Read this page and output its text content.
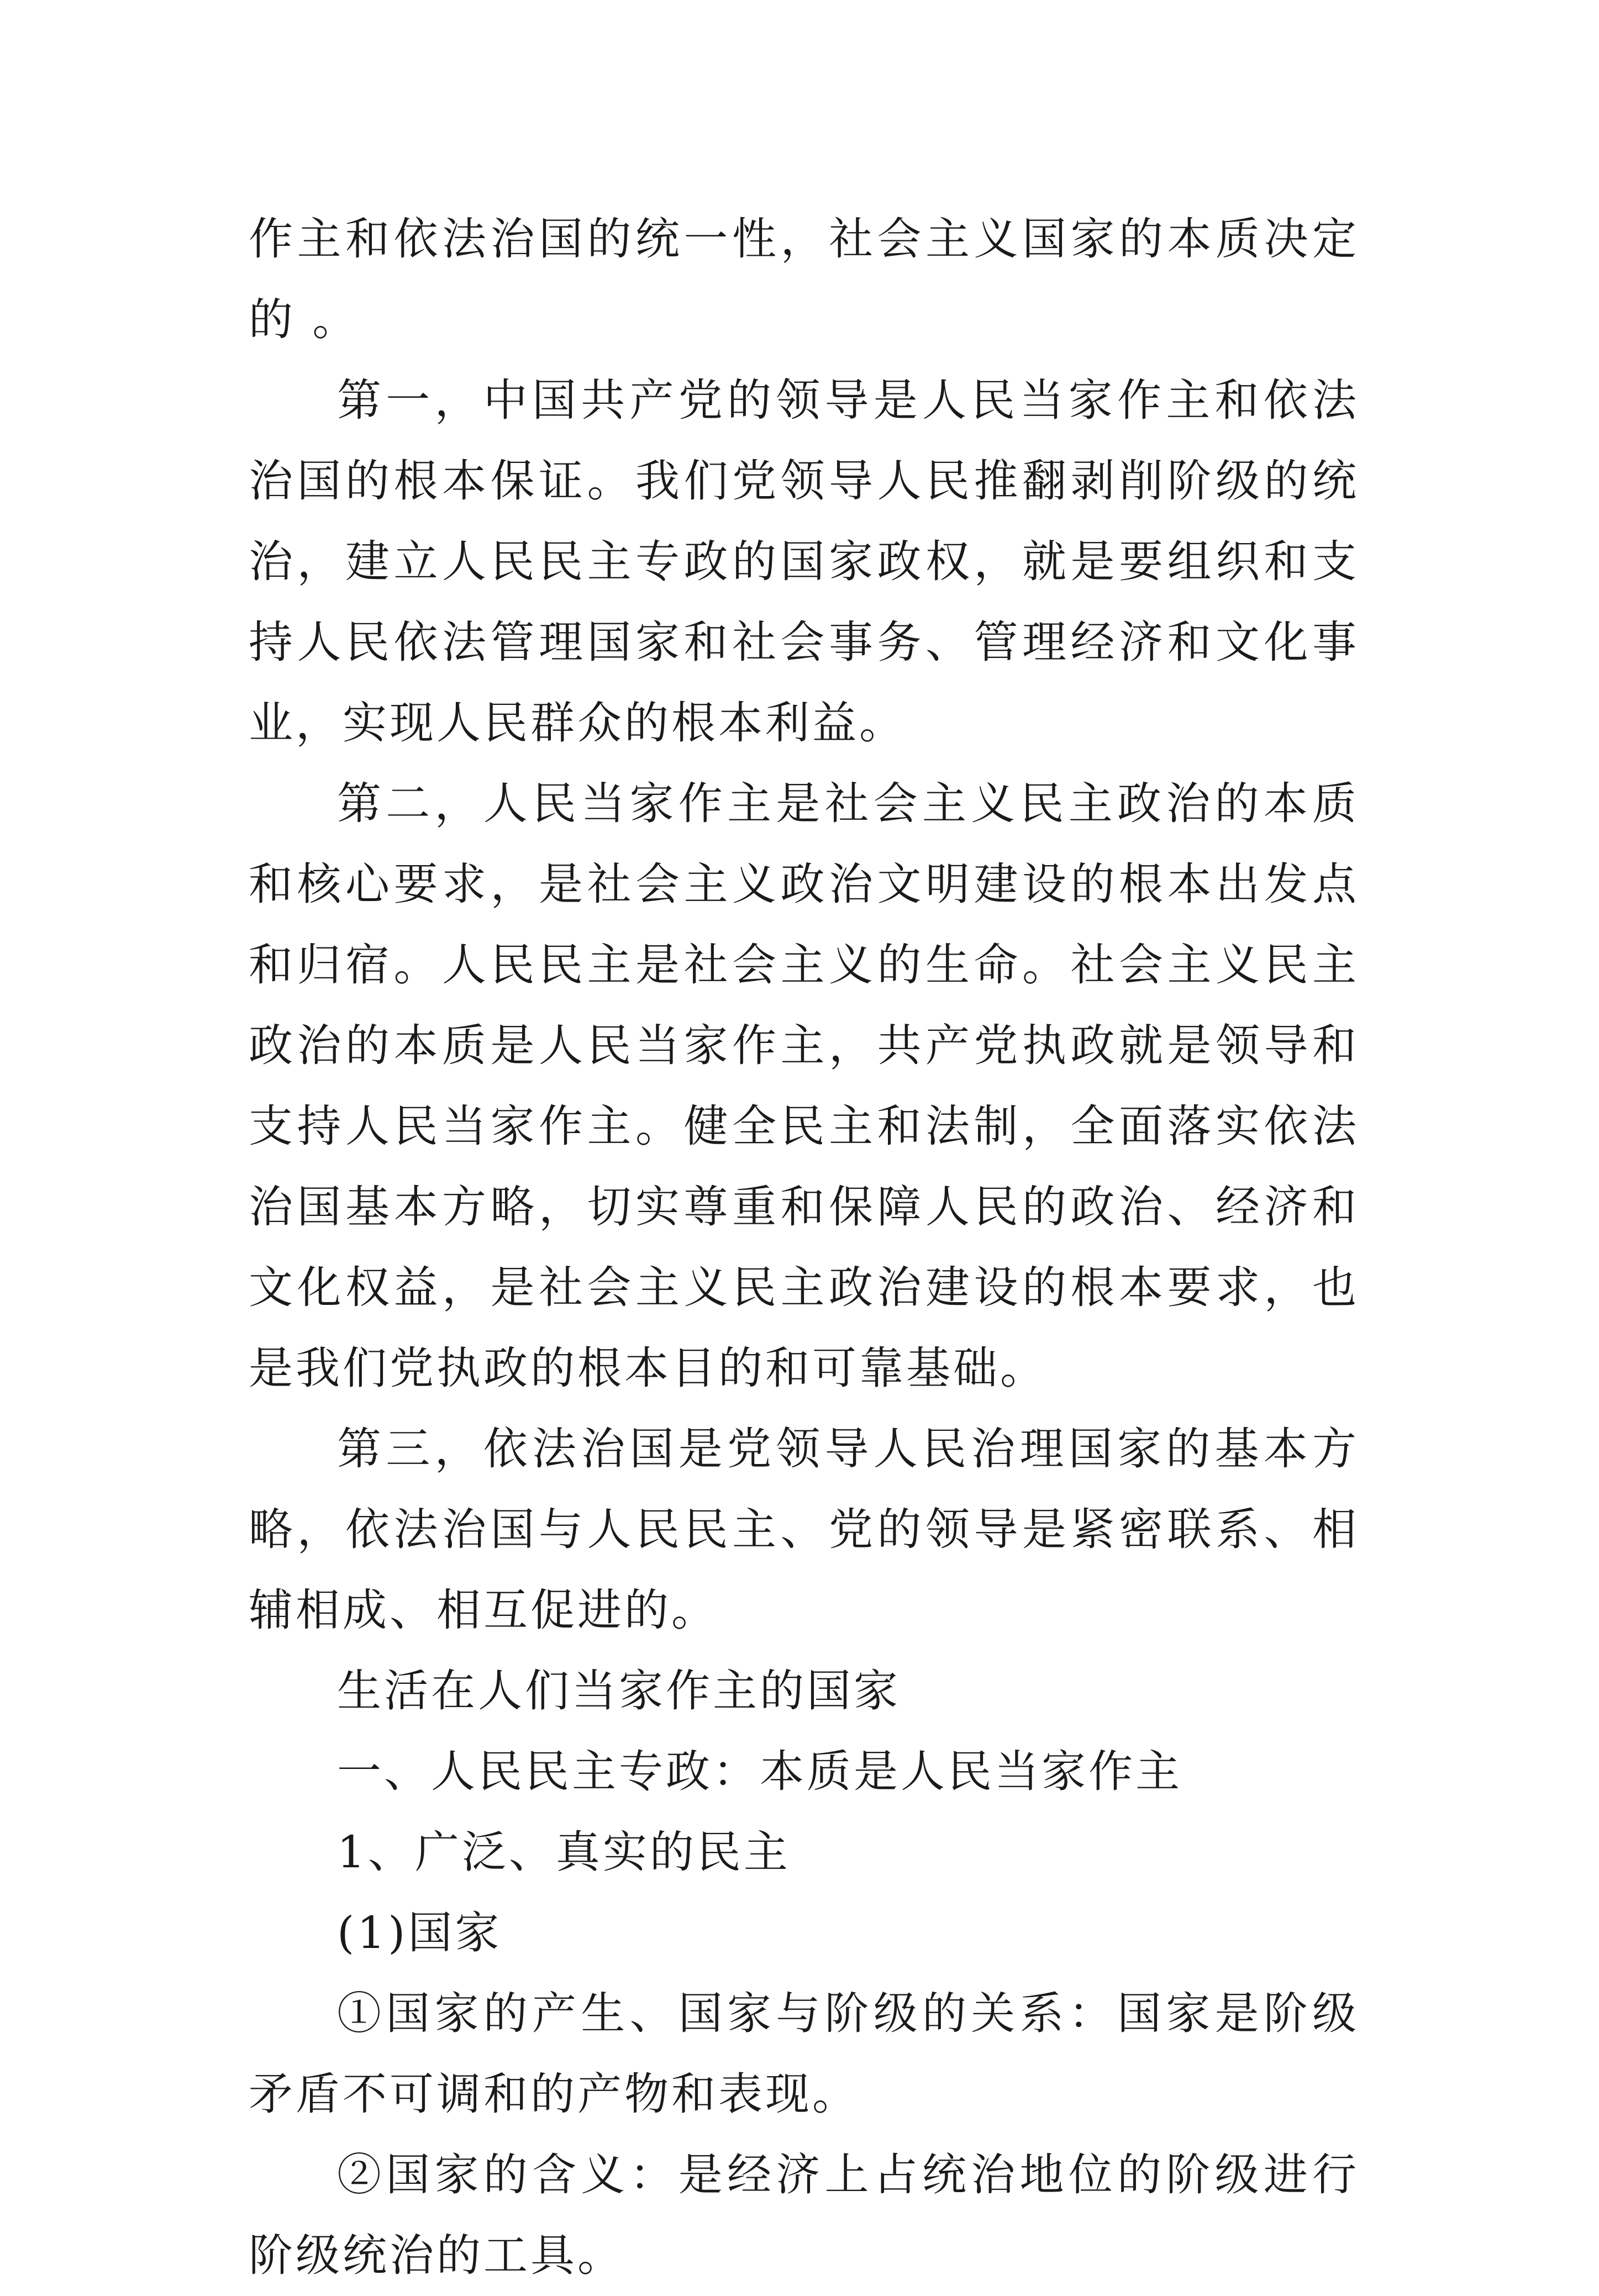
作主和依法治国的统一性，社会主义国家的本质决定的 。

第一，中国共产党的领导是人民当家作主和依法治国的根本保证。我们党领导人民推翻剥削阶级的统 治，建立人民民主专政的国家政权，就是要组织和支持人民依法管理国家和社会事务、管理经济和文化事 业，实现人民群众的根本利益。

第二，人民当家作主是社会主义民主政治的本质和核心要求，是社会主义政治文明建设的根本出发点 和归宿。人民民主是社会主义的生命。社会主义民主政治的本质是人民当家作主，共产党执政就是领导和 支持人民当家作主。健全民主和法制，全面落实依法治国基本方略，切实尊重和保障人民的政治、经济和 文化权益，是社会主义民主政治建设的根本要求，也是我们党执政的根本目的和可靠基础。

第三，依法治国是党领导人民治理国家的基本方略，依法治国与人民民主、党的领导是紧密联系、相 辅相成、相互促进的。

生活在人们当家作主的国家

一、人民民主专政：本质是人民当家作主

1、广泛、真实的民主

(1)国家

①国家的产生、国家与阶级的关系：国家是阶级矛盾不可调和的产物和表现。

②国家的含义：是经济上占统治地位的阶级进行阶级统治的工具。
